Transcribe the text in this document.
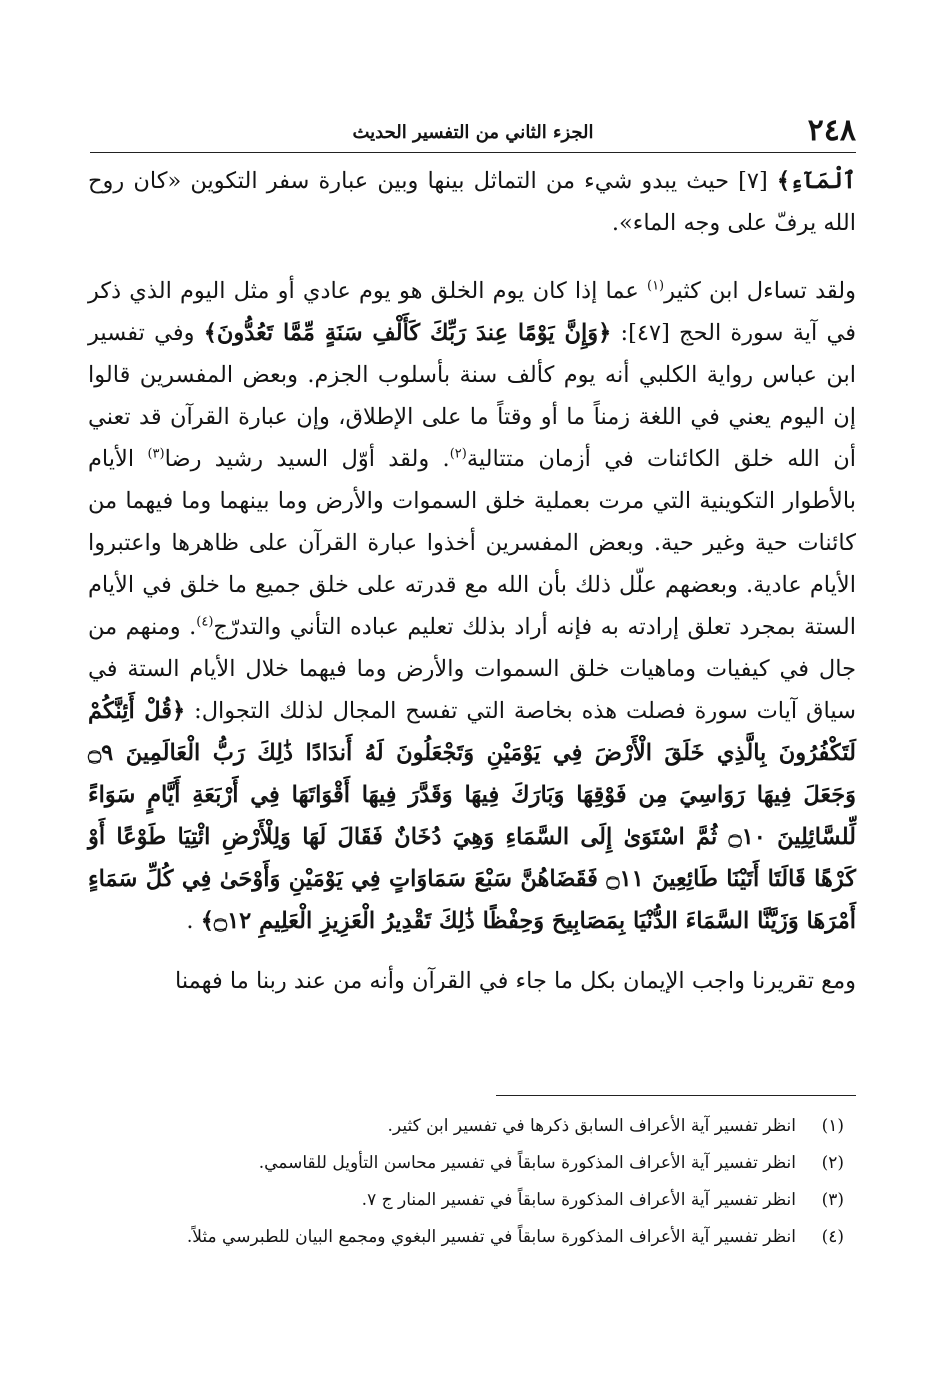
٢٤٨
الجزء الثاني من التفسير الحديث

ٱلْمَآءِ﴾ [٧] حيث يبدو شيء من التماثل بينها وبين عبارة سفر التكوين «كان روح الله يرفّ على وجه الماء».

ولقد تساءل ابن كثير$^{(١)}$ عما إذا كان يوم الخلق هو يوم عادي أو مثل اليوم الذي ذكر في آية سورة الحج [٤٧]: ﴿وَإِنَّ يَوْمًا عِندَ رَبِّكَ كَأَلْفِ سَنَةٍ مِّمَّا تَعُدُّونَ﴾ وفي تفسير ابن عباس رواية الكلبي أنه يوم كألف سنة بأسلوب الجزم. وبعض المفسرين قالوا إن اليوم يعني في اللغة زمناً ما أو وقتاً ما على الإطلاق، وإن عبارة القرآن قد تعني أن الله خلق الكائنات في أزمان متتالية$^{(٢)}$. ولقد أوّل السيد رشيد رضا$^{(٣)}$ الأيام بالأطوار التكوينية التي مرت بعملية خلق السموات والأرض وما بينهما وما فيهما من كائنات حية وغير حية. وبعض المفسرين أخذوا عبارة القرآن على ظاهرها واعتبروا الأيام عادية. وبعضهم علّل ذلك بأن الله مع قدرته على خلق جميع ما خلق في الأيام الستة بمجرد تعلق إرادته به فإنه أراد بذلك تعليم عباده التأني والتدرّج$^{(٤)}$. ومنهم من جال في كيفيات وماهيات خلق السموات والأرض وما فيهما خلال الأيام الستة في سياق آيات سورة فصلت هذه بخاصة التي تفسح المجال لذلك التجوال: ﴿قُلْ أَئِنَّكُمْ لَتَكْفُرُونَ بِالَّذِي خَلَقَ الْأَرْضَ فِي يَوْمَيْنِ وَتَجْعَلُونَ لَهُ أَندَادًا ذَٰلِكَ رَبُّ الْعَالَمِينَ ۝٩ وَجَعَلَ فِيهَا رَوَاسِيَ مِن فَوْقِهَا وَبَارَكَ فِيهَا وَقَدَّرَ فِيهَا أَقْوَاتَهَا فِي أَرْبَعَةِ أَيَّامٍ سَوَاءً لِّلسَّائِلِينَ ۝١٠ ثُمَّ اسْتَوَىٰ إِلَى السَّمَاءِ وَهِيَ دُخَانٌ فَقَالَ لَهَا وَلِلْأَرْضِ ائْتِيَا طَوْعًا أَوْ كَرْهًا قَالَتَا أَتَيْنَا طَائِعِينَ ۝١١ فَقَضَاهُنَّ سَبْعَ سَمَاوَاتٍ فِي يَوْمَيْنِ وَأَوْحَىٰ فِي كُلِّ سَمَاءٍ أَمْرَهَا وَزَيَّنَّا السَّمَاءَ الدُّنْيَا بِمَصَابِيحَ وَحِفْظًا ذَٰلِكَ تَقْدِيرُ الْعَزِيزِ الْعَلِيمِ ۝١٢﴾ .

ومع تقريرنا واجب الإيمان بكل ما جاء في القرآن وأنه من عند ربنا ما فهمنا

(١)
انظر تفسير آية الأعراف السابق ذكرها في تفسير ابن كثير.
(٢)
انظر تفسير آية الأعراف المذكورة سابقاً في تفسير محاسن التأويل للقاسمي.
(٣)
انظر تفسير آية الأعراف المذكورة سابقاً في تفسير المنار ج ٧.
(٤)
انظر تفسير آية الأعراف المذكورة سابقاً في تفسير البغوي ومجمع البيان للطبرسي مثلاً.
